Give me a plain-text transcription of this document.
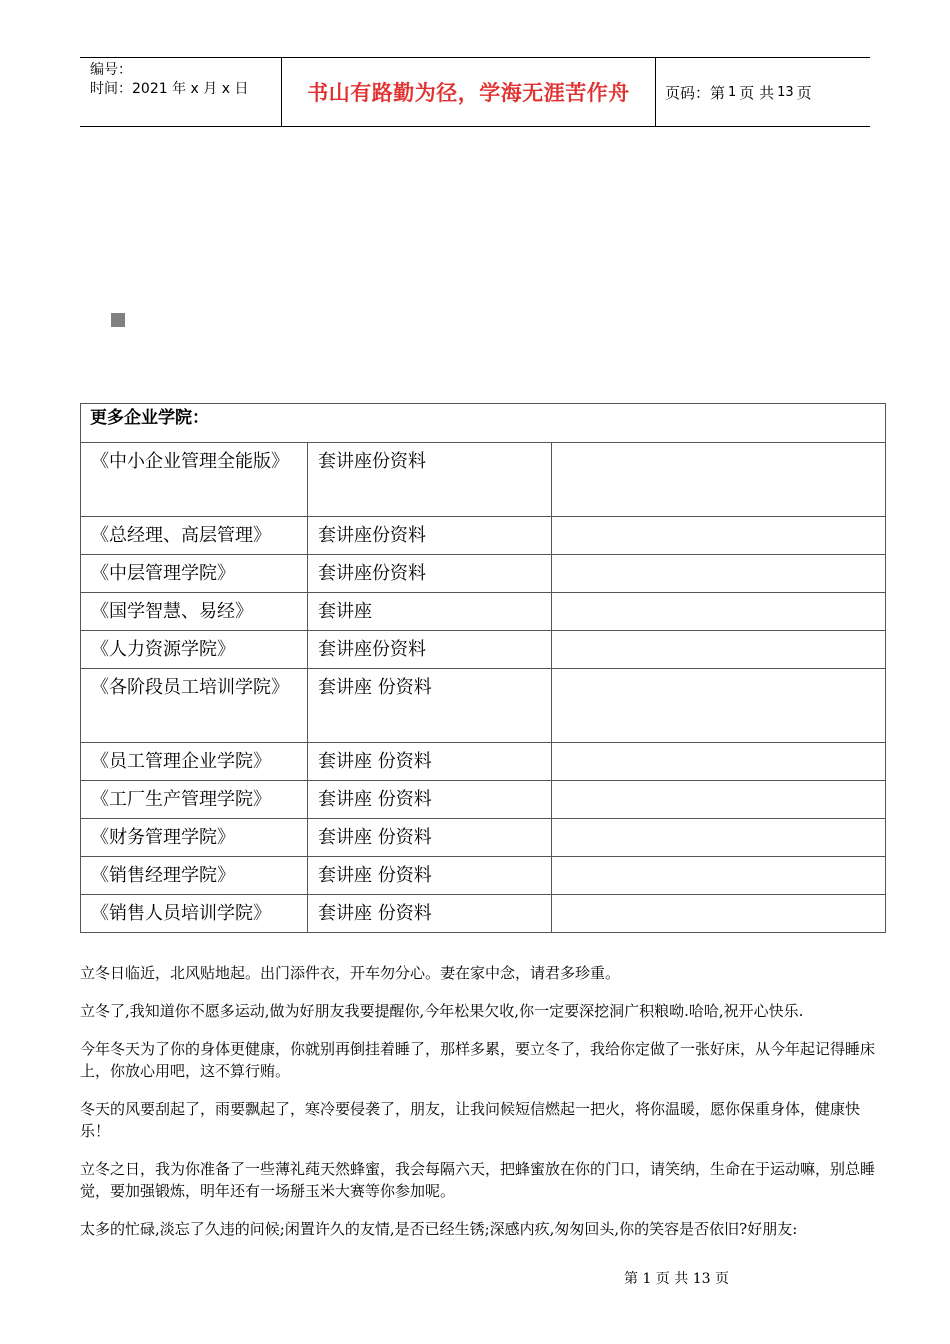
编号：
时间：2021 年 x 月 x 日	书山有路勤为径，学海无涯苦作舟	页码：第 1 页 共 13 页
更多企业学院：		
《中小企业管理全能版》	套讲座份资料	
《总经理、高层管理》	套讲座份资料	
《中层管理学院》	套讲座份资料	
《国学智慧、易经》	套讲座	
《人力资源学院》	套讲座份资料	
《各阶段员工培训学院》	套讲座 份资料	
《员工管理企业学院》	套讲座 份资料	
《工厂生产管理学院》	套讲座 份资料	
《财务管理学院》	套讲座 份资料	
《销售经理学院》	套讲座 份资料	
《销售人员培训学院》	套讲座 份资料	

立冬日临近，北风贴地起。出门添件衣，开车勿分心。妻在家中念，请君多珍重。

立冬了,我知道你不愿多运动,做为好朋友我要提醒你,今年松果欠收,你一定要深挖洞广积粮呦.哈哈,祝开心快乐.

今年冬天为了你的身体更健康，你就别再倒挂着睡了，那样多累，要立冬了，我给你定做了一张好床，从今年起记得睡床上，你放心用吧，这不算行贿。

冬天的风要刮起了，雨要飘起了，寒冷要侵袭了，朋友，让我问候短信燃起一把火，将你温暖，愿你保重身体，健康快乐！

立冬之日，我为你准备了一些薄礼莼天然蜂蜜，我会每隔六天，把蜂蜜放在你的门口，请笑纳，生命在于运动嘛，别总睡觉，要加强锻炼，明年还有一场掰玉米大赛等你参加呢。

太多的忙碌,淡忘了久违的问候;闲置许久的友情,是否已经生锈;深感内疚,匆匆回头,你的笑容是否依旧?好朋友:

第 1 页 共 13 页
